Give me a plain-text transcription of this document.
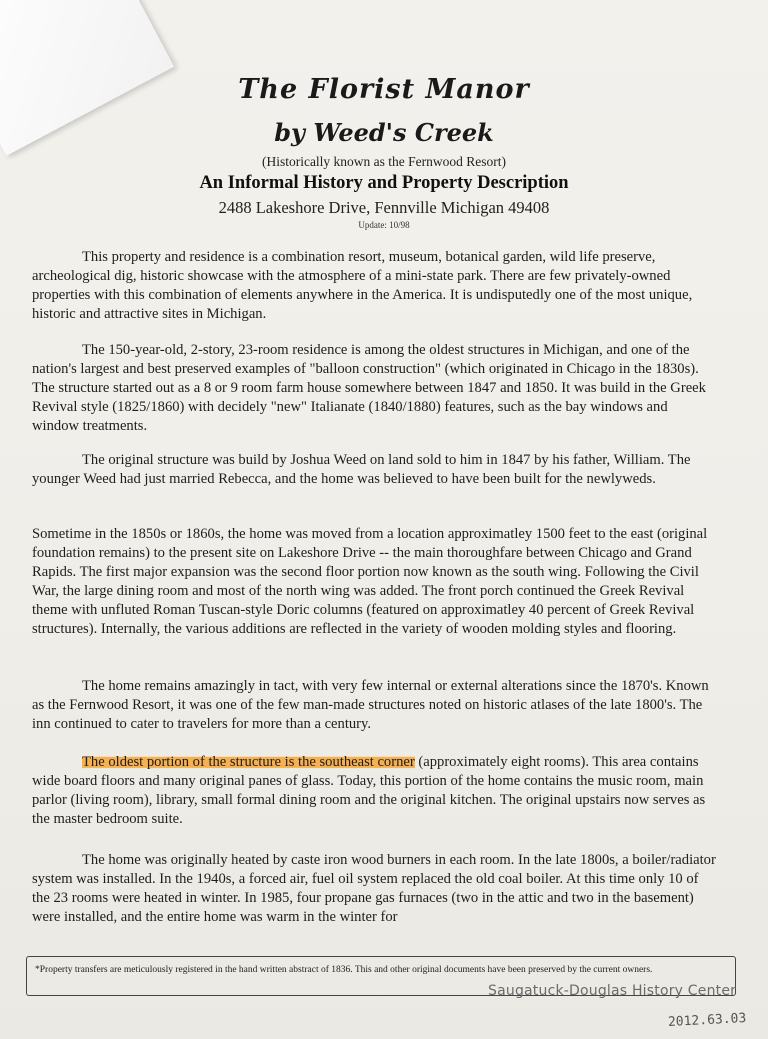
The Florist Manor
by Weed's Creek
(Historically known as the Fernwood Resort)
An Informal History and Property Description
2488 Lakeshore Drive, Fennville Michigan 49408
Update: 10/98
This property and residence is a combination resort, museum, botanical garden, wild life preserve, archeological dig, historic showcase with the atmosphere of a mini-state park. There are few privately-owned properties with this combination of elements anywhere in the America. It is undisputedly one of the most unique, historic and attractive sites in Michigan.
The 150-year-old, 2-story, 23-room residence is among the oldest structures in Michigan, and one of the nation's largest and best preserved examples of "balloon construction" (which originated in Chicago in the 1830s). The structure started out as a 8 or 9 room farm house somewhere between 1847 and 1850. It was build in the Greek Revival style (1825/1860) with decidely "new" Italianate (1840/1880) features, such as the bay windows and window treatments.
The original structure was build by Joshua Weed on land sold to him in 1847 by his father, William. The younger Weed had just married Rebecca, and the home was believed to have been built for the newlyweds.
Sometime in the 1850s or 1860s, the home was moved from a location approximatley 1500 feet to the east (original foundation remains) to the present site on Lakeshore Drive -- the main thoroughfare between Chicago and Grand Rapids. The first major expansion was the second floor portion now known as the south wing. Following the Civil War, the large dining room and most of the north wing was added. The front porch continued the Greek Revival theme with unfluted Roman Tuscan-style Doric columns (featured on approximatley 40 percent of Greek Revival structures). Internally, the various additions are reflected in the variety of wooden molding styles and flooring.
The home remains amazingly in tact, with very few internal or external alterations since the 1870's. Known as the Fernwood Resort, it was one of the few man-made structures noted on historic atlases of the late 1800's. The inn continued to cater to travelers for more than a century.
The oldest portion of the structure is the southeast corner (approximately eight rooms). This area contains wide board floors and many original panes of glass. Today, this portion of the home contains the music room, main parlor (living room), library, small formal dining room and the original kitchen. The original upstairs now serves as the master bedroom suite.
The home was originally heated by caste iron wood burners in each room. In the late 1800s, a boiler/radiator system was installed. In the 1940s, a forced air, fuel oil system replaced the old coal boiler. At this time only 10 of the 23 rooms were heated in winter. In 1985, four propane gas furnaces (two in the attic and two in the basement) were installed, and the entire home was warm in the winter for
*Property transfers are meticulously registered in the hand written abstract of 1836. This and other original documents have been preserved by the current owners.
Saugatuck-Douglas History Center
2012.63.03
